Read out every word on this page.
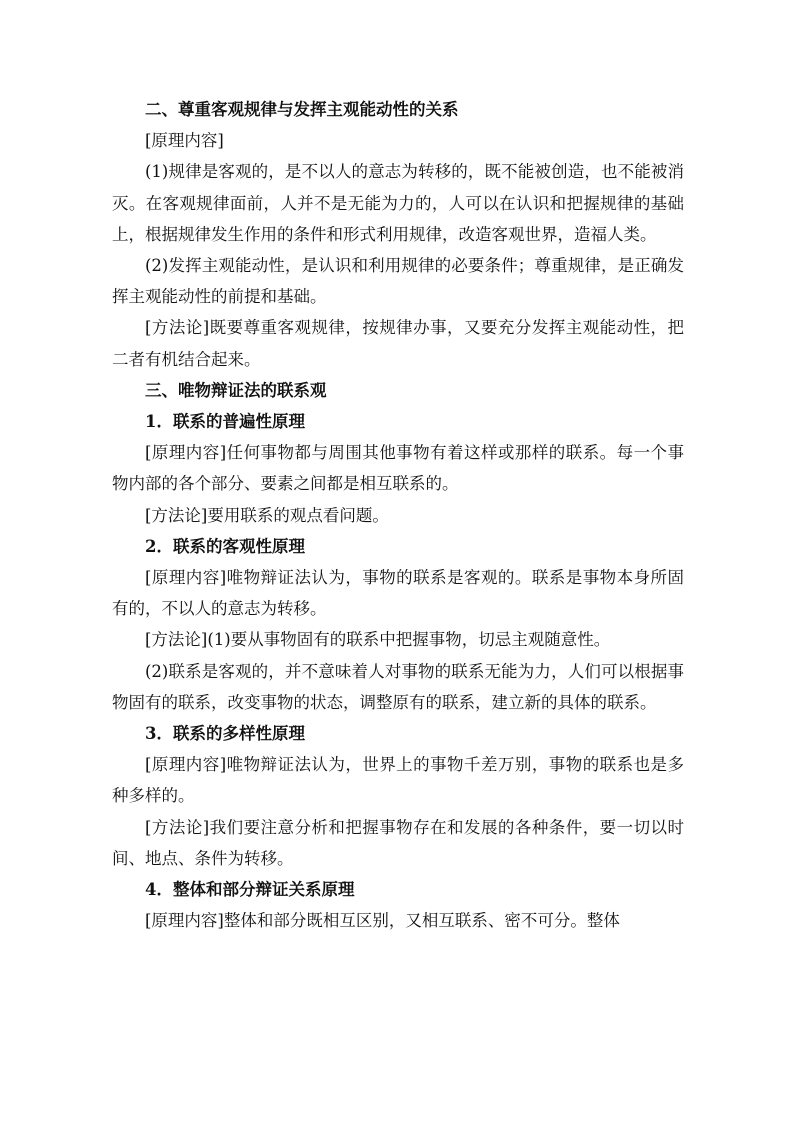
二、尊重客观规律与发挥主观能动性的关系

[原理内容]

(1)规律是客观的，是不以人的意志为转移的，既不能被创造，也不能被消灭。在客观规律面前，人并不是无能为力的，人可以在认识和把握规律的基础上，根据规律发生作用的条件和形式利用规律，改造客观世界，造福人类。

(2)发挥主观能动性，是认识和利用规律的必要条件；尊重规律，是正确发挥主观能动性的前提和基础。

[方法论]既要尊重客观规律，按规律办事，又要充分发挥主观能动性，把二者有机结合起来。

三、唯物辩证法的联系观

1．联系的普遍性原理

[原理内容]任何事物都与周围其他事物有着这样或那样的联系。每一个事物内部的各个部分、要素之间都是相互联系的。

[方法论]要用联系的观点看问题。

2．联系的客观性原理

[原理内容]唯物辩证法认为，事物的联系是客观的。联系是事物本身所固有的，不以人的意志为转移。

[方法论](1)要从事物固有的联系中把握事物，切忌主观随意性。

(2)联系是客观的，并不意味着人对事物的联系无能为力，人们可以根据事物固有的联系，改变事物的状态，调整原有的联系，建立新的具体的联系。

3．联系的多样性原理

[原理内容]唯物辩证法认为，世界上的事物千差万别，事物的联系也是多种多样的。

[方法论]我们要注意分析和把握事物存在和发展的各种条件，要一切以时间、地点、条件为转移。

4．整体和部分辩证关系原理

[原理内容]整体和部分既相互区别，又相互联系、密不可分。整体
